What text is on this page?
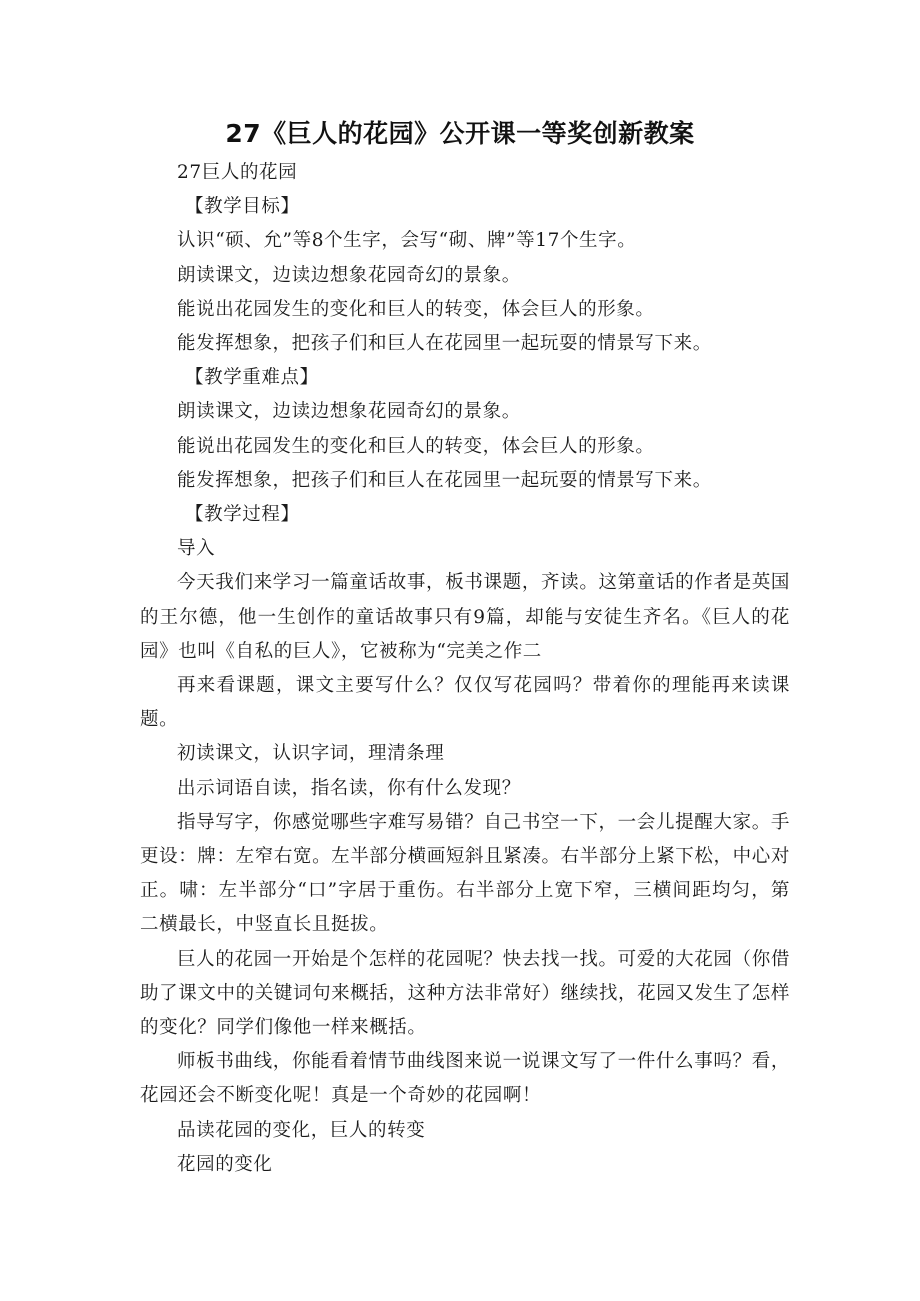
27《巨人的花园》公开课一等奖创新教案

27巨人的花园

【教学目标】

认识“硕、允”等8个生字，会写“砌、牌”等17个生字。

朗读课文，边读边想象花园奇幻的景象。

能说出花园发生的变化和巨人的转变，体会巨人的形象。

能发挥想象，把孩子们和巨人在花园里一起玩耍的情景写下来。

【教学重难点】

朗读课文，边读边想象花园奇幻的景象。

能说出花园发生的变化和巨人的转变，体会巨人的形象。

能发挥想象，把孩子们和巨人在花园里一起玩耍的情景写下来。

【教学过程】

导入

今天我们来学习一篇童话故事，板书课题，齐读。这第童话的作者是英国的王尔德，他一生创作的童话故事只有9篇，却能与安徒生齐名。《巨人的花园》也叫《自私的巨人》，它被称为“完美之作二

再来看课题，课文主要写什么？仅仅写花园吗？带着你的理能再来读课题。

初读课文，认识字词，理清条理

出示词语自读，指名读，你有什么发现？

指导写字，你感觉哪些字难写易错？自己书空一下，一会儿提醒大家。手更设：牌：左窄右宽。左半部分横画短斜且紧凑。右半部分上紧下松，中心对正。啸：左半部分“口”字居于重伤。右半部分上宽下窄，三横间距均匀，第二横最长，中竖直长且挺拔。

巨人的花园一开始是个怎样的花园呢？快去找一找。可爱的大花园（你借助了课文中的关键词句来概括，这种方法非常好）继续找，花园又发生了怎样的变化？同学们像他一样来概括。

师板书曲线，你能看着情节曲线图来说一说课文写了一件什么事吗？看，花园还会不断变化呢！真是一个奇妙的花园啊！

品读花园的变化，巨人的转变

花园的变化
